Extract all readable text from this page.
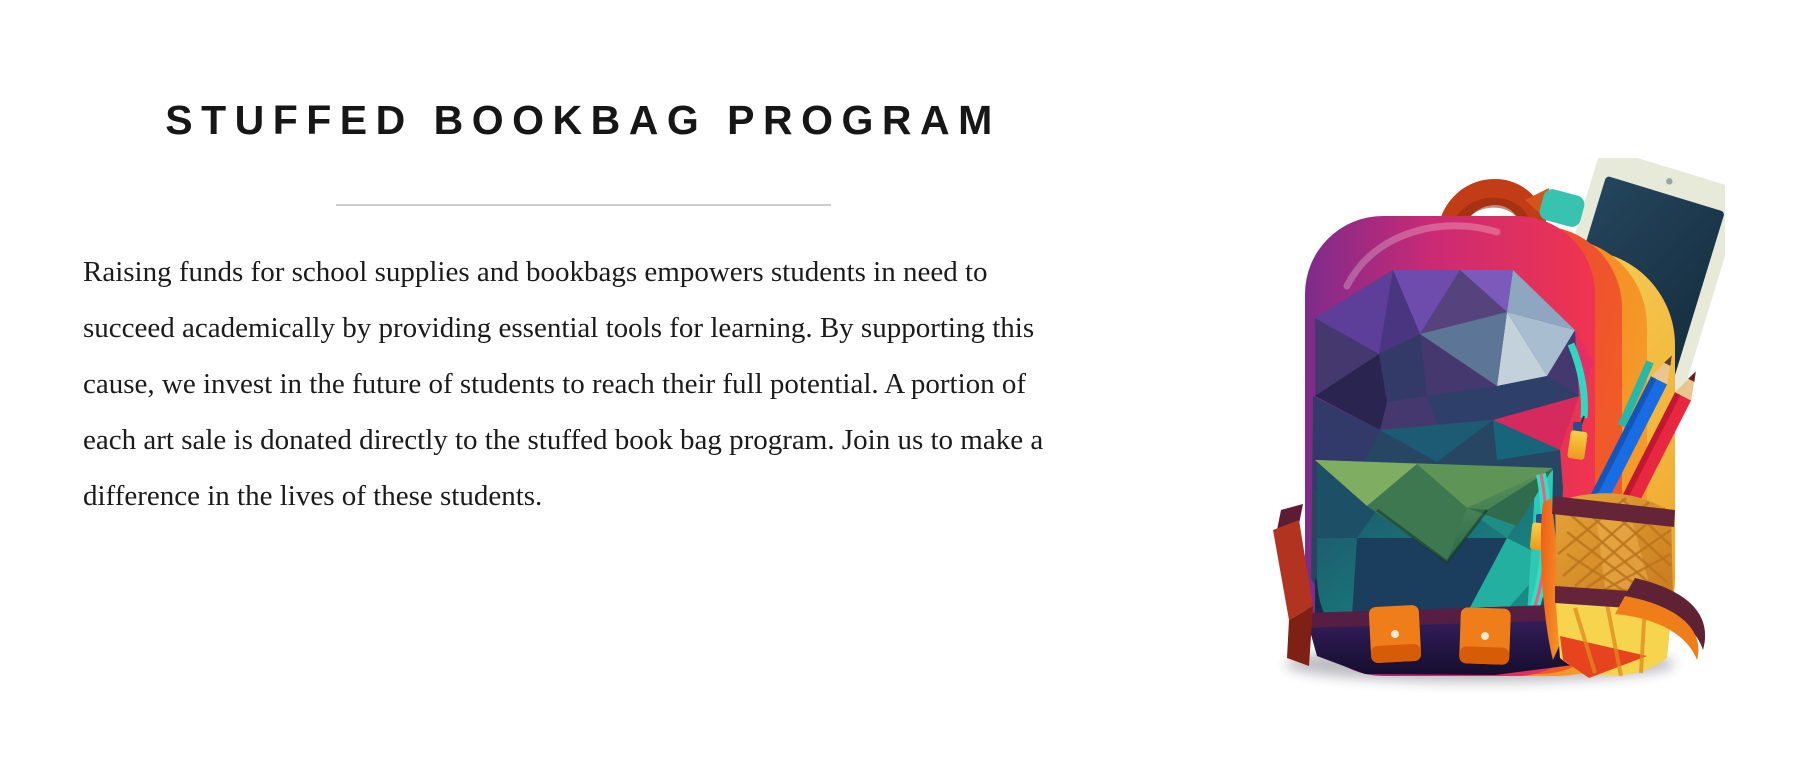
STUFFED BOOKBAG PROGRAM

Raising funds for school supplies and bookbags empowers students in need to succeed academically by providing essential tools for learning. By supporting this cause, we invest in the future of students to reach their full potential. A portion of each art sale is donated directly to the stuffed book bag program. Join us to make a difference in the lives of these students.
